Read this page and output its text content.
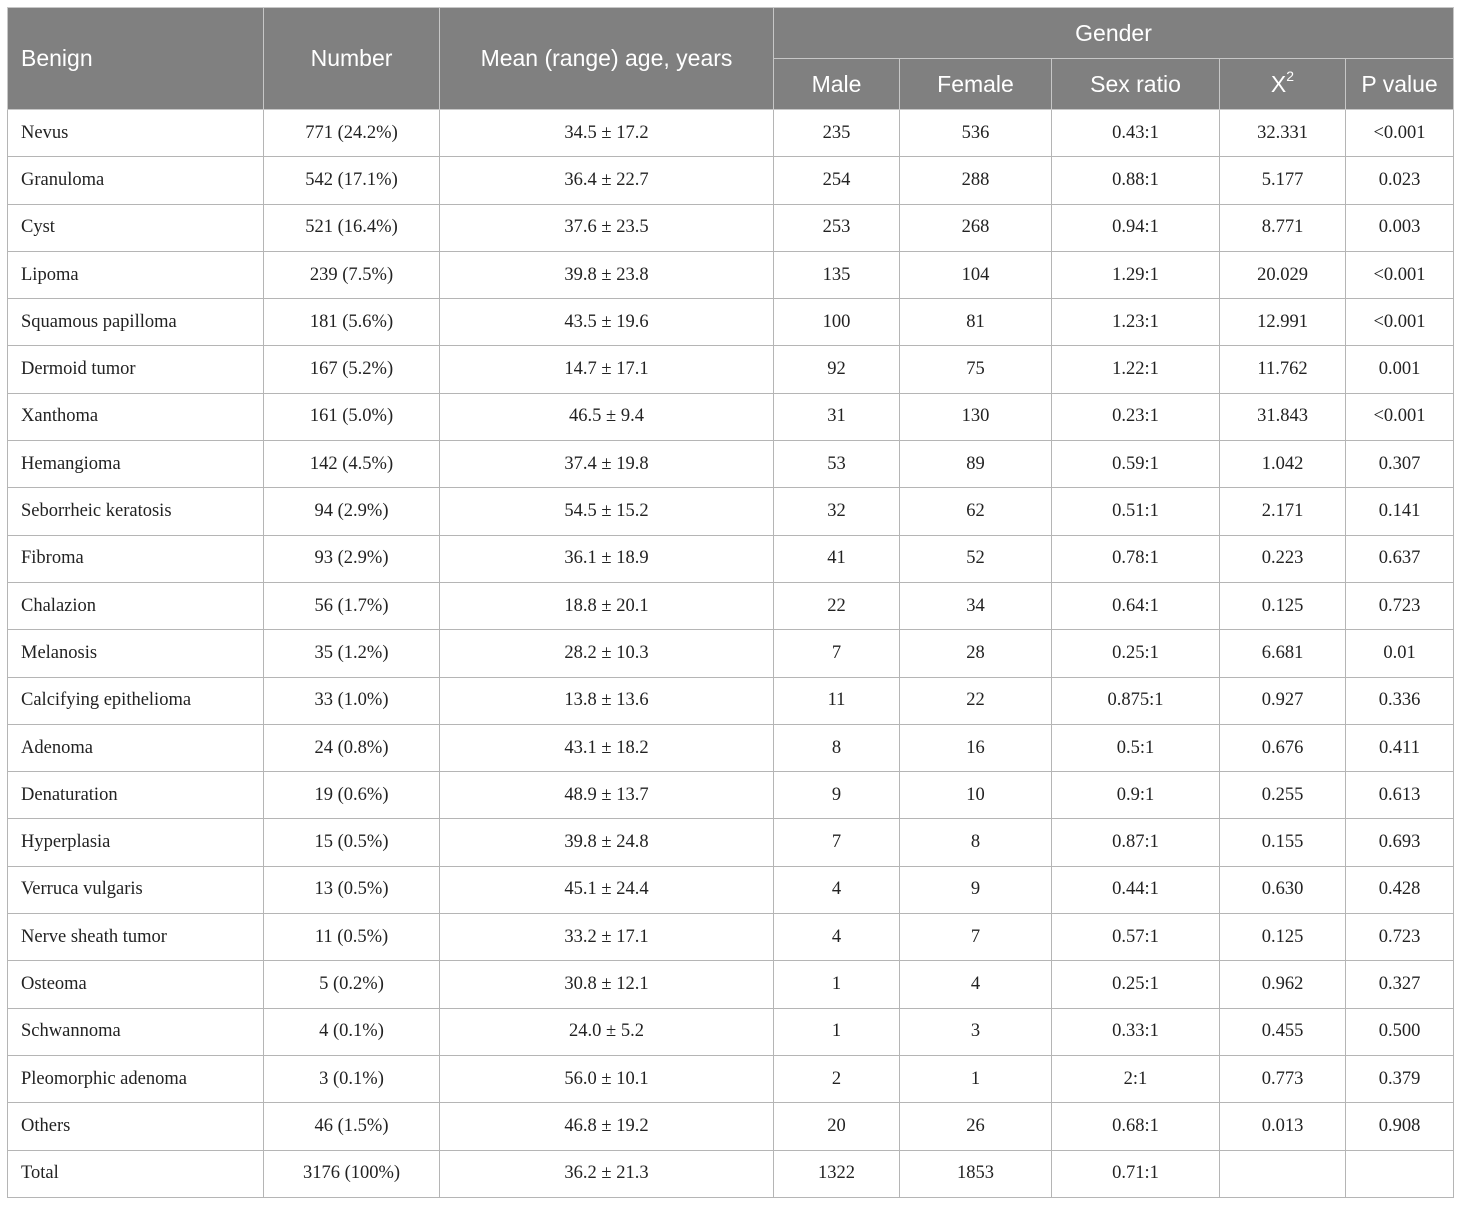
Benign	Number	Mean (range) age, years	Gender				
			Male	Female	Sex ratio	$X^2$	P value
Nevus	771 (24.2%)	34.5 ± 17.2	235	536	0.43:1	32.331	<0.001
Granuloma	542 (17.1%)	36.4 ± 22.7	254	288	0.88:1	5.177	0.023
Cyst	521 (16.4%)	37.6 ± 23.5	253	268	0.94:1	8.771	0.003
Lipoma	239 (7.5%)	39.8 ± 23.8	135	104	1.29:1	20.029	<0.001
Squamous papilloma	181 (5.6%)	43.5 ± 19.6	100	81	1.23:1	12.991	<0.001
Dermoid tumor	167 (5.2%)	14.7 ± 17.1	92	75	1.22:1	11.762	0.001
Xanthoma	161 (5.0%)	46.5 ± 9.4	31	130	0.23:1	31.843	<0.001
Hemangioma	142 (4.5%)	37.4 ± 19.8	53	89	0.59:1	1.042	0.307
Seborrheic keratosis	94 (2.9%)	54.5 ± 15.2	32	62	0.51:1	2.171	0.141
Fibroma	93 (2.9%)	36.1 ± 18.9	41	52	0.78:1	0.223	0.637
Chalazion	56 (1.7%)	18.8 ± 20.1	22	34	0.64:1	0.125	0.723
Melanosis	35 (1.2%)	28.2 ± 10.3	7	28	0.25:1	6.681	0.01
Calcifying epithelioma	33 (1.0%)	13.8 ± 13.6	11	22	0.875:1	0.927	0.336
Adenoma	24 (0.8%)	43.1 ± 18.2	8	16	0.5:1	0.676	0.411
Denaturation	19 (0.6%)	48.9 ± 13.7	9	10	0.9:1	0.255	0.613
Hyperplasia	15 (0.5%)	39.8 ± 24.8	7	8	0.87:1	0.155	0.693
Verruca vulgaris	13 (0.5%)	45.1 ± 24.4	4	9	0.44:1	0.630	0.428
Nerve sheath tumor	11 (0.5%)	33.2 ± 17.1	4	7	0.57:1	0.125	0.723
Osteoma	5 (0.2%)	30.8 ± 12.1	1	4	0.25:1	0.962	0.327
Schwannoma	4 (0.1%)	24.0 ± 5.2	1	3	0.33:1	0.455	0.500
Pleomorphic adenoma	3 (0.1%)	56.0 ± 10.1	2	1	2:1	0.773	0.379
Others	46 (1.5%)	46.8 ± 19.2	20	26	0.68:1	0.013	0.908
Total	3176 (100%)	36.2 ± 21.3	1322	1853	0.71:1		
